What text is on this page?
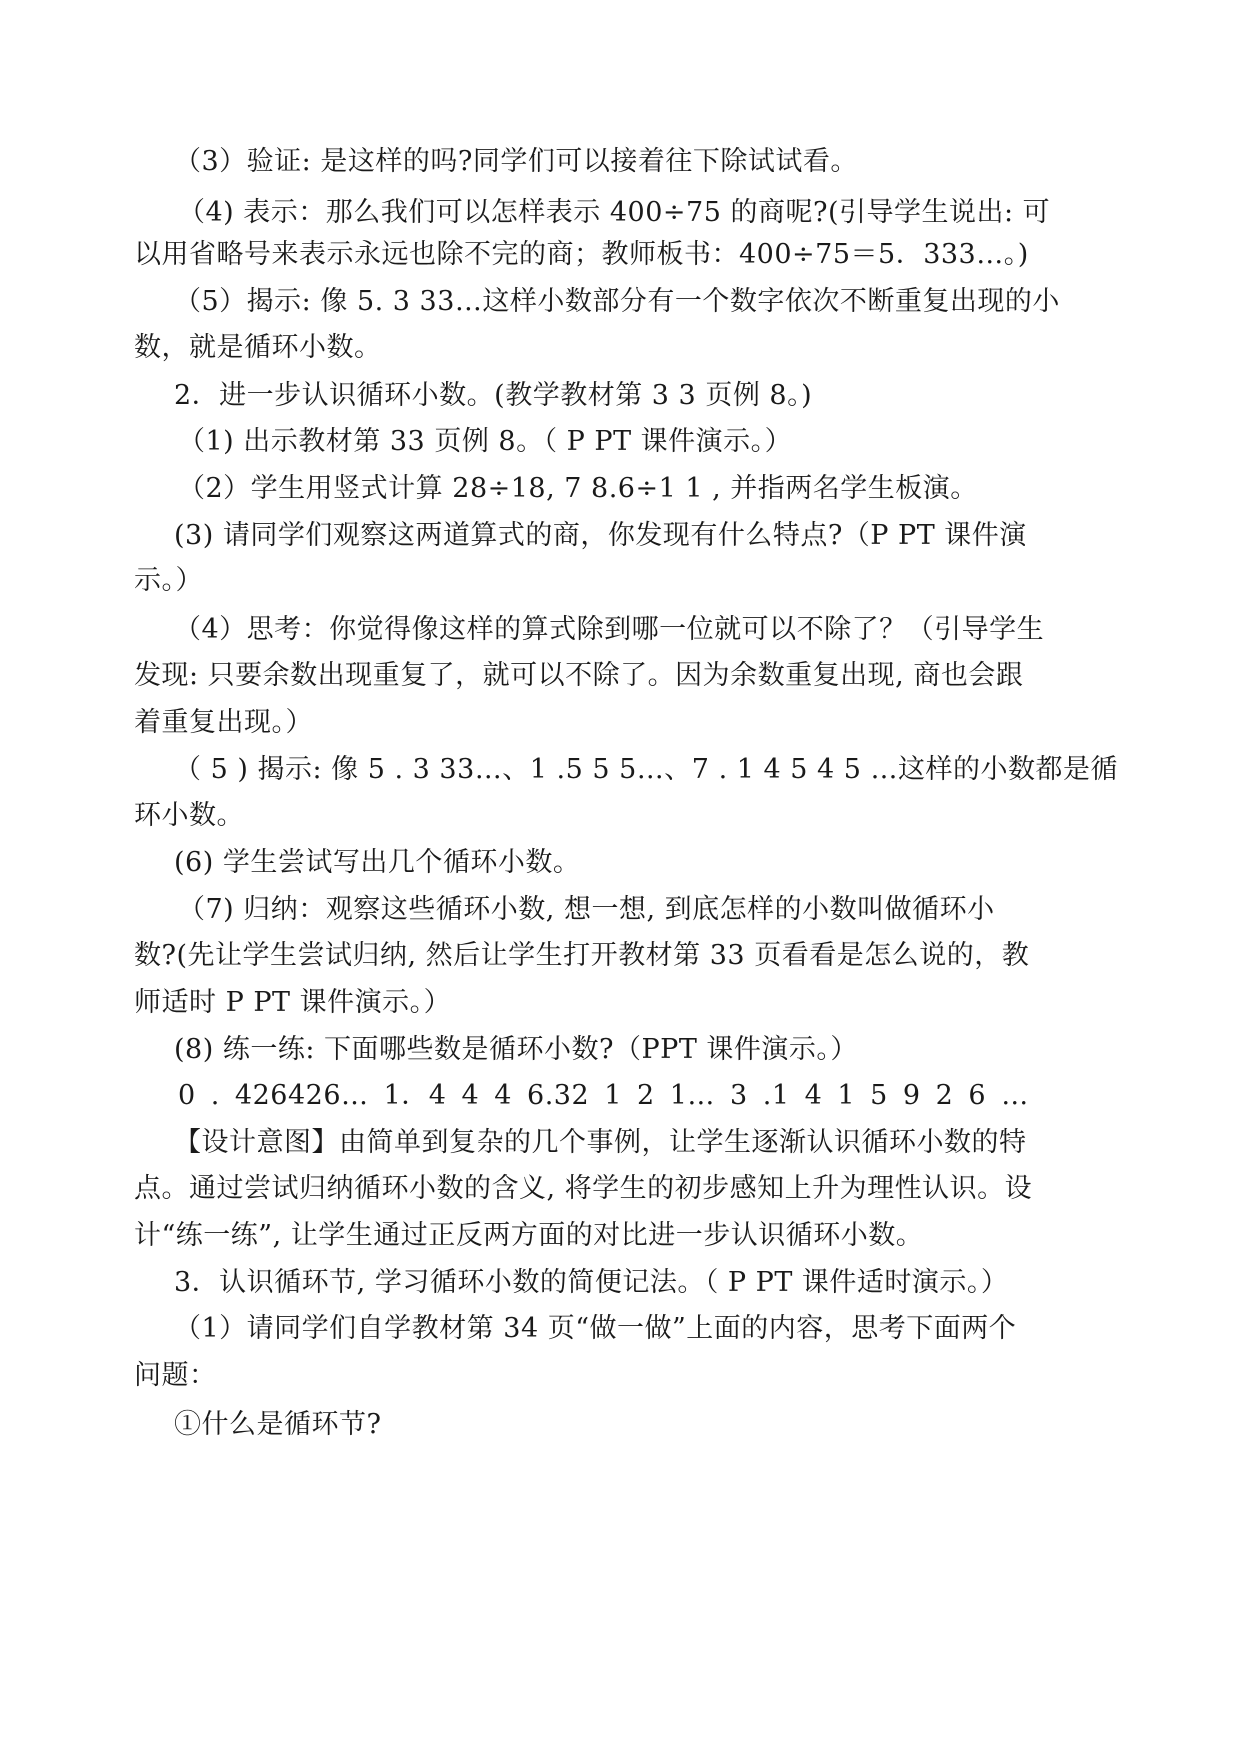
（3）验证: 是这样的吗?同学们可以接着往下除试试看。
（4) 表示：那么我们可以怎样表示 400÷75 的商呢?(引导学生说出: 可
以用省略号来表示永远也除不完的商；教师板书：400÷75＝5．333…。)
（5）揭示: 像 5. 3 33…这样小数部分有一个数字依次不断重复出现的小
数，就是循环小数。
2．进一步认识循环小数。(教学教材第 3 3 页例 8。)
（1) 出示教材第 33 页例 8。（ P PT 课件演示。）
（2）学生用竖式计算 28÷18, 7 8.6÷1 1 , 并指两名学生板演。
(3) 请同学们观察这两道算式的商，你发现有什么特点?（P PT 课件演
示。）
（4）思考：你觉得像这样的算式除到哪一位就可以不除了？（引导学生
发现: 只要余数出现重复了，就可以不除了。因为余数重复出现, 商也会跟
着重复出现。）
（ 5 ) 揭示: 像 5 . 3 33…、1 .5 5 5…、7 . 1 4 5 4 5 …这样的小数都是循
环小数。
(6) 学生尝试写出几个循环小数。
（7) 归纳：观察这些循环小数, 想一想, 到底怎样的小数叫做循环小
数?(先让学生尝试归纳, 然后让学生打开教材第 33 页看看是怎么说的，教
师适时 P PT 课件演示。）
(8) 练一练: 下面哪些数是循环小数?（PPT 课件演示。）
0 . 426426… 1．4 4 4 6.32 1 2 1… 3 .1 4 1 5 9 2 6 …
【设计意图】由简单到复杂的几个事例，让学生逐渐认识循环小数的特
点。通过尝试归纳循环小数的含义, 将学生的初步感知上升为理性认识。设
计“练一练”, 让学生通过正反两方面的对比进一步认识循环小数。
3．认识循环节, 学习循环小数的简便记法。（ P PT 课件适时演示。）
（1）请同学们自学教材第 34 页“做一做”上面的内容，思考下面两个
问题：
①什么是循环节?
